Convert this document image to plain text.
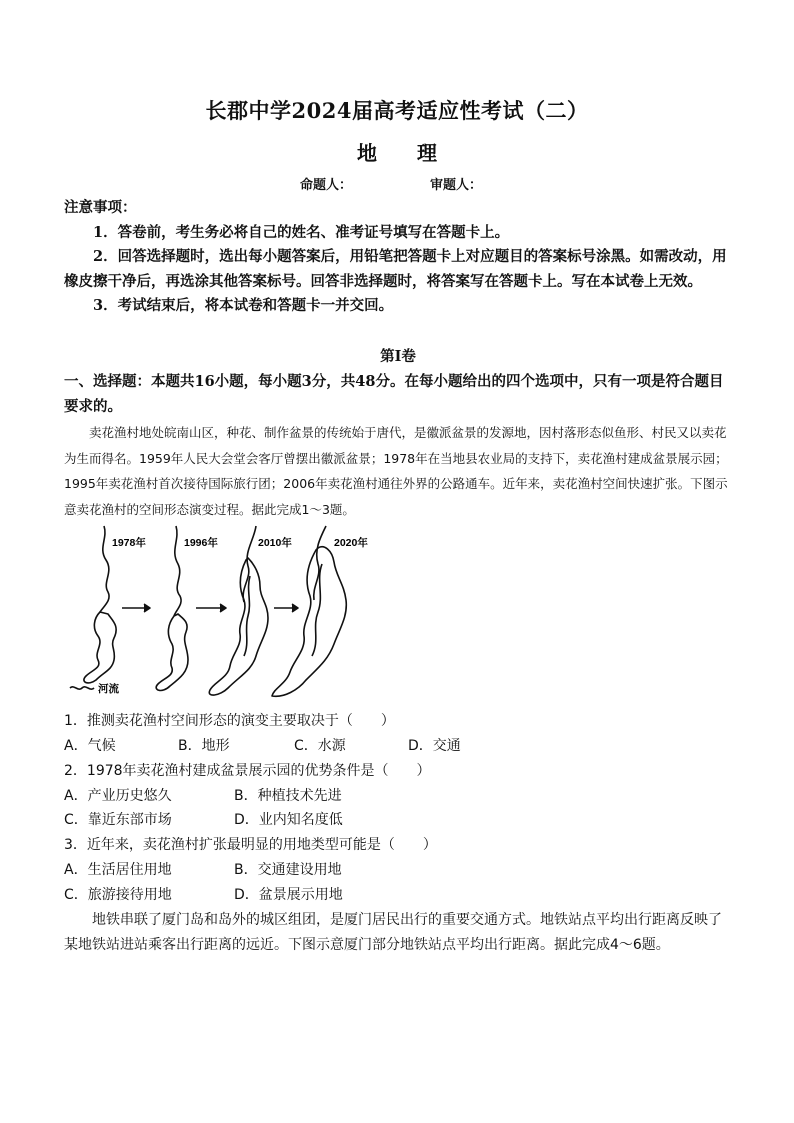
长郡中学2024届高考适应性考试（二）
地　　理
命题人：	审题人：
注意事项：
1．答卷前，考生务必将自己的姓名、准考证号填写在答题卡上。
2．回答选择题时，选出每小题答案后，用铅笔把答题卡上对应题目的答案标号涂黑。如需改动，用橡皮擦干净后，再选涂其他答案标号。回答非选择题时，将答案写在答题卡上。写在本试卷上无效。
3．考试结束后，将本试卷和答题卡一并交回。
第Ⅰ卷
一、选择题：本题共16小题，每小题3分，共48分。在每小题给出的四个选项中，只有一项是符合题目要求的。
卖花渔村地处皖南山区，种花、制作盆景的传统始于唐代，是徽派盆景的发源地，因村落形态似鱼形、村民又以卖花为生而得名。1959年人民大会堂会客厅曾摆出徽派盆景；1978年在当地县农业局的支持下，卖花渔村建成盆景展示园；1995年卖花渔村首次接待国际旅行团；2006年卖花渔村通往外界的公路通车。近年来，卖花渔村空间快速扩张。下图示意卖花渔村的空间形态演变过程。据此完成1～3题。
1978年	1996年	2010年	2020年
河流
1．推测卖花渔村空间形态的演变主要取决于（　　）
A．气候	B．地形	C．水源	D．交通
2．1978年卖花渔村建成盆景展示园的优势条件是（　　）
A．产业历史悠久	B．种植技术先进
C．靠近东部市场	D．业内知名度低
3．近年来，卖花渔村扩张最明显的用地类型可能是（　　）
A．生活居住用地	B．交通建设用地
C．旅游接待用地	D．盆景展示用地
地铁串联了厦门岛和岛外的城区组团，是厦门居民出行的重要交通方式。地铁站点平均出行距离反映了某地铁站进站乘客出行距离的远近。下图示意厦门部分地铁站点平均出行距离。据此完成4～6题。
